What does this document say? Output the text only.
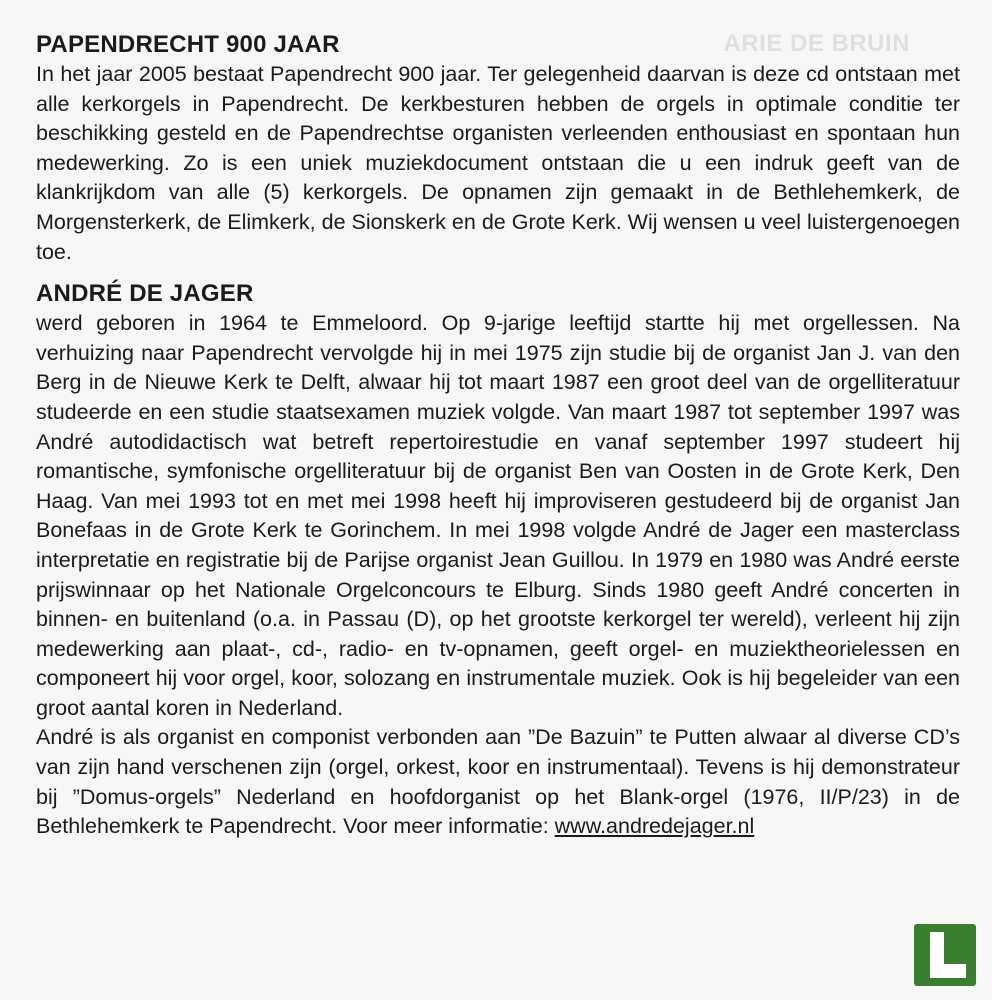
ARIE DE BRUIN
PAPENDRECHT 900 JAAR

In het jaar 2005 bestaat Papendrecht 900 jaar. Ter gelegenheid daarvan is deze cd ontstaan met alle kerkorgels in Papendrecht. De kerkbesturen hebben de orgels in optimale conditie ter beschikking gesteld en de Papendrechtse organisten verleenden enthousiast en spontaan hun medewerking. Zo is een uniek muziekdocument ontstaan die u een indruk geeft van de klankrijkdom van alle (5) kerkorgels. De opnamen zijn gemaakt in de Bethlehemkerk, de Morgensterkerk, de Elimkerk, de Sionskerk en de Grote Kerk. Wij wensen u veel luistergenoegen toe.

ANDRÉ DE JAGER

werd geboren in 1964 te Emmeloord. Op 9-jarige leeftijd startte hij met orgellessen. Na verhuizing naar Papendrecht vervolgde hij in mei 1975 zijn studie bij de organist Jan J. van den Berg in de Nieuwe Kerk te Delft, alwaar hij tot maart 1987 een groot deel van de orgelliteratuur studeerde en een studie staatsexamen muziek volgde. Van maart 1987 tot september 1997 was André autodidactisch wat betreft repertoirestudie en vanaf september 1997 studeert hij romantische, symfonische orgelliteratuur bij de organist Ben van Oosten in de Grote Kerk, Den Haag. Van mei 1993 tot en met mei 1998 heeft hij improviseren gestudeerd bij de organist Jan Bonefaas in de Grote Kerk te Gorinchem. In mei 1998 volgde André de Jager een masterclass interpretatie en registratie bij de Parijse organist Jean Guillou. In 1979 en 1980 was André eerste prijswinnaar op het Nationale Orgelconcours te Elburg. Sinds 1980 geeft André concerten in binnen- en buitenland (o.a. in Passau (D), op het grootste kerkorgel ter wereld), verleent hij zijn medewerking aan plaat-, cd-, radio- en tv-opnamen, geeft orgel- en muziektheorielessen en componeert hij voor orgel, koor, solozang en instrumentale muziek. Ook is hij begeleider van een groot aantal koren in Nederland.

André is als organist en componist verbonden aan ”De Bazuin” te Putten alwaar al diverse CD’s van zijn hand verschenen zijn (orgel, orkest, koor en instrumentaal). Tevens is hij demonstrateur bij ”Domus-orgels” Nederland en hoofdorganist op het Blank-orgel (1976, II/P/23) in de Bethlehemkerk te Papendrecht. Voor meer informatie: www.andredejager.nl
